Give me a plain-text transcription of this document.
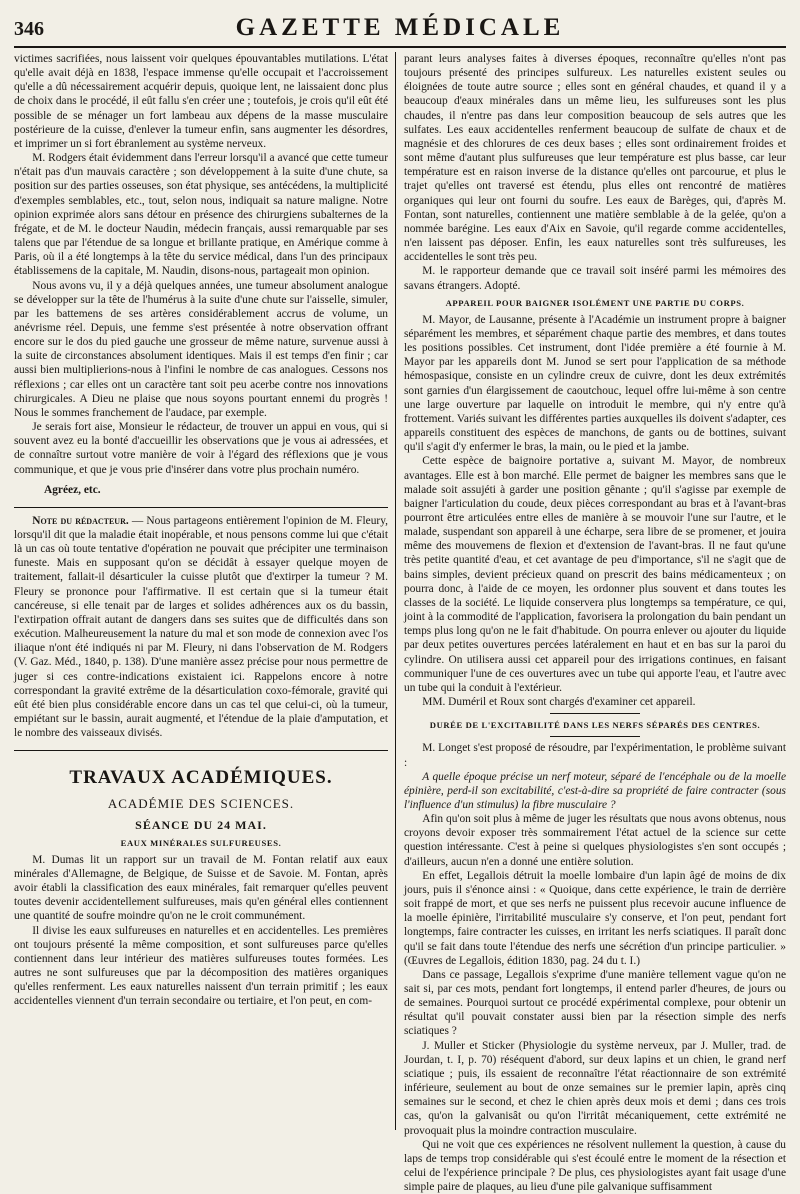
346	GAZETTE MÉDICALE

victimes sacrifiées, nous laissent voir quelques épouvantables mutilations. L'état qu'elle avait déjà en 1838, l'espace immense qu'elle occupait et l'accroissement qu'elle a dû nécessairement acquérir depuis, quoique lent, ne laissaient donc plus de choix dans le procédé, il eût fallu s'en créer une ; toutefois, je crois qu'il eût été possible de se ménager un fort lambeau aux dépens de la masse musculaire postérieure de la cuisse, d'enlever la tumeur enfin, sans augmenter les désordres, et imprimer un si fort ébranlement au système nerveux.

M. Rodgers était évidemment dans l'erreur lorsqu'il a avancé que cette tumeur n'était pas d'un mauvais caractère ; son développement à la suite d'une chute, sa position sur des parties osseuses, son état physique, ses antécédens, la multiplicité d'exemples semblables, etc., tout, selon nous, indiquait sa nature maligne. Notre opinion exprimée alors sans détour en présence des chirurgiens subalternes de la frégate, et de M. le docteur Naudin, médecin français, aussi remarquable par ses talens que par l'étendue de sa longue et brillante pratique, en Amérique comme à Paris, où il a été longtemps à la tête du service médical, dans l'un des principaux établissemens de la capitale, M. Naudin, disons-nous, partageait mon opinion.

Nous avons vu, il y a déjà quelques années, une tumeur absolument analogue se développer sur la tête de l'humérus à la suite d'une chute sur l'aisselle, simuler, par les battemens de ses artères considérablement accrus de volume, un anévrisme réel. Depuis, une femme s'est présentée à notre observation offrant encore sur le dos du pied gauche une grosseur de même nature, survenue aussi à la suite de circonstances absolument identiques. Mais il est temps d'en finir ; car aussi bien multiplierions-nous à l'infini le nombre de cas analogues. Cessons nos réflexions ; car elles ont un caractère tant soit peu acerbe contre nos innovations chirurgicales. A Dieu ne plaise que nous soyons pourtant ennemi du progrès ! Nous le sommes franchement de l'audace, par exemple.

Je serais fort aise, Monsieur le rédacteur, de trouver un appui en vous, qui si souvent avez eu la bonté d'accueillir les observations que je vous ai adressées, et de connaître surtout votre manière de voir à l'égard des réflexions que je vous communique, et que je vous prie d'insérer dans votre plus prochain numéro.

Agréez, etc.

Note du rédacteur. — Nous partageons entièrement l'opinion de M. Fleury, lorsqu'il dit que la maladie était inopérable, et nous pensons comme lui que c'était là un cas où toute tentative d'opération ne pouvait que précipiter une terminaison funeste. Mais en supposant qu'on se décidât à essayer quelque moyen de traitement, fallait-il désarticuler la cuisse plutôt que d'extirper la tumeur ? M. Fleury se prononce pour l'affirmative. Il est certain que si la tumeur était cancéreuse, si elle tenait par de larges et solides adhérences aux os du bassin, l'extirpation offrait autant de dangers dans ses suites que de difficultés dans son exécution. Malheureusement la nature du mal et son mode de connexion avec l'os iliaque n'ont été indiqués ni par M. Fleury, ni dans l'observation de M. Rodgers (V. Gaz. Méd., 1840, p. 138). D'une manière assez précise pour nous permettre de juger si ces contre-indications existaient ici. Rappelons encore à notre correspondant la gravité extrême de la désarticulation coxo-fémorale, gravité qui eût été bien plus considérable encore dans un cas tel que celui-ci, où la tumeur, empiétant sur le bassin, aurait augmenté, et l'étendue de la plaie d'amputation, et le nombre des vaisseaux divisés.

TRAVAUX ACADÉMIQUES.
ACADÉMIE DES SCIENCES.
SÉANCE DU 24 MAI.
EAUX MINÉRALES SULFUREUSES.

M. Dumas lit un rapport sur un travail de M. Fontan relatif aux eaux minérales d'Allemagne, de Belgique, de Suisse et de Savoie. M. Fontan, après avoir établi la classification des eaux minérales, fait remarquer qu'elles peuvent toutes devenir accidentellement sulfureuses, mais qu'en général elles contiennent une quantité de soufre moindre qu'on ne le croit communément.

Il divise les eaux sulfureuses en naturelles et en accidentelles. Les premières ont toujours présenté la même composition, et sont sulfureuses parce qu'elles contiennent dans leur intérieur des matières sulfureuses toutes formées. Les autres ne sont sulfureuses que par la décomposition des matières organiques qu'elles renferment. Les eaux naturelles naissent d'un terrain primitif ; les eaux accidentelles viennent d'un terrain secondaire ou tertiaire, et l'on peut, en com-

parant leurs analyses faites à diverses époques, reconnaître qu'elles n'ont pas toujours présenté des principes sulfureux. Les naturelles existent seules ou éloignées de toute autre source ; elles sont en général chaudes, et quand il y a beaucoup d'eaux minérales dans un même lieu, les sulfureuses sont les plus chaudes, il n'entre pas dans leur composition beaucoup de sels autres que les sulfates. Les eaux accidentelles renferment beaucoup de sulfate de chaux et de magnésie et des chlorures de ces deux bases ; elles sont ordinairement froides et sont même d'autant plus sulfureuses que leur température est plus basse, car leur température est en raison inverse de la distance qu'elles ont parcourue, et plus le trajet qu'elles ont traversé est étendu, plus elles ont rencontré de matières organiques qui leur ont fourni du soufre. Les eaux de Barèges, qui, d'après M. Fontan, sont naturelles, contiennent une matière semblable à de la gelée, qu'on a nommée barégine. Les eaux d'Aix en Savoie, qu'il regarde comme accidentelles, n'en laissent pas déposer. Enfin, les eaux naturelles sont très sulfureuses, les accidentelles le sont très peu.

M. le rapporteur demande que ce travail soit inséré parmi les mémoires des savans étrangers. Adopté.

APPAREIL POUR BAIGNER ISOLÉMENT UNE PARTIE DU CORPS.

M. Mayor, de Lausanne, présente à l'Académie un instrument propre à baigner séparément les membres, et séparément chaque partie des membres, et dans toutes les positions possibles. Cet instrument, dont l'idée première a été fournie à M. Mayor par les appareils dont M. Junod se sert pour l'application de sa méthode hémospasique, consiste en un cylindre creux de cuivre, dont les deux extrémités sont garnies d'un élargissement de caoutchouc, lequel offre lui-même à son centre une large ouverture par laquelle on introduit le membre, qui n'y entre qu'à frottement. Variés suivant les différentes parties auxquelles ils doivent s'adapter, ces appareils constituent des espèces de manchons, de gants ou de bottines, suivant qu'il s'agit d'y enfermer le bras, la main, ou le pied et la jambe.

Cette espèce de baignoire portative a, suivant M. Mayor, de nombreux avantages. Elle est à bon marché. Elle permet de baigner les membres sans que le malade soit assujéti à garder une position gênante ; qu'il s'agisse par exemple de baigner l'articulation du coude, deux pièces correspondant au bras et à l'avant-bras pourront être articulées entre elles de manière à se mouvoir l'une sur l'autre, et le malade, suspendant son appareil à une écharpe, sera libre de se promener, et jouira même des mouvemens de flexion et d'extension de l'avant-bras. Il ne faut qu'une très petite quantité d'eau, et cet avantage de peu d'importance, s'il ne s'agit que de bains simples, devient précieux quand on prescrit des bains médicamenteux ; on pourra donc, à l'aide de ce moyen, les ordonner plus souvent et dans toutes les classes de la société. Le liquide conservera plus longtemps sa température, ce qui, joint à la commodité de l'application, favorisera la prolongation du bain pendant un temps plus long qu'on ne le fait d'habitude. On pourra enlever ou ajouter du liquide par deux petites ouvertures percées latéralement en haut et en bas sur la paroi du cylindre. On utilisera aussi cet appareil pour des irrigations continues, en faisant communiquer l'une de ces ouvertures avec un tube qui apporte l'eau, et l'autre avec un tube qui la conduit à l'extérieur.

MM. Duméril et Roux sont chargés d'examiner cet appareil.

DURÉE DE L'EXCITABILITÉ DANS LES NERFS SÉPARÉS DES CENTRES.

M. Longet s'est proposé de résoudre, par l'expérimentation, le problème suivant :

A quelle époque précise un nerf moteur, séparé de l'encéphale ou de la moelle épinière, perd-il son excitabilité, c'est-à-dire sa propriété de faire contracter (sous l'influence d'un stimulus) la fibre musculaire ?

Afin qu'on soit plus à même de juger les résultats que nous avons obtenus, nous croyons devoir exposer très sommairement l'état actuel de la science sur cette question intéressante. C'est à peine si quelques physiologistes s'en sont occupés ; d'ailleurs, aucun n'en a donné une entière solution.

En effet, Legallois détruit la moelle lombaire d'un lapin âgé de moins de dix jours, puis il s'énonce ainsi : « Quoique, dans cette expérience, le train de derrière soit frappé de mort, et que ses nerfs ne puissent plus recevoir aucune influence de la moelle épinière, l'irritabilité musculaire s'y conserve, et l'on peut, pendant fort longtemps, faire contracter les cuisses, en irritant les nerfs sciatiques. Il paraît donc qu'il se fait dans toute l'étendue des nerfs une sécrétion d'un principe particulier. » (Œuvres de Legallois, édition 1830, pag. 24 du t. I.)

Dans ce passage, Legallois s'exprime d'une manière tellement vague qu'on ne sait si, par ces mots, pendant fort longtemps, il entend parler d'heures, de jours ou de semaines. Pourquoi surtout ce procédé expérimental complexe, pour obtenir un résultat qu'il pouvait constater aussi bien par la résection simple des nerfs sciatiques ?

J. Muller et Sticker (Physiologie du système nerveux, par J. Muller, trad. de Jourdan, t. I, p. 70) réséquent d'abord, sur deux lapins et un chien, le grand nerf sciatique ; puis, ils essaient de reconnaître l'état réactionnaire de son extrémité inférieure, seulement au bout de onze semaines sur le premier lapin, après cinq semaines sur le second, et chez le chien après deux mois et demi ; dans ces trois cas, qu'on la galvanisât ou qu'on l'irritât mécaniquement, cette extrémité ne provoquait plus la moindre contraction musculaire.

Qui ne voit que ces expériences ne résolvent nullement la question, à cause du laps de temps trop considérable qui s'est écoulé entre le moment de la résection et celui de l'expérience principale ? De plus, ces physiologistes ayant fait usage d'une simple paire de plaques, au lieu d'une pile galvanique suffisamment
